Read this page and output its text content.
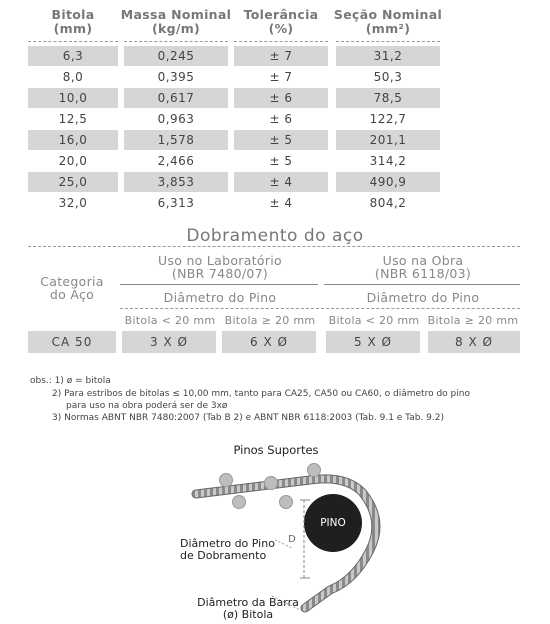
Bitola
(mm)
Massa Nominal
(kg/m)
Tolerância
(%)
Seção Nominal
(mm²)
6,3	0,245	± 7	31,2
8,0	0,395	± 7	50,3
10,0	0,617	± 6	78,5
12,5	0,963	± 6	122,7
16,0	1,578	± 5	201,1
20,0	2,466	± 5	314,2
25,0	3,853	± 4	490,9
32,0	6,313	± 4	804,2
Dobramento do aço
Categoria
do Aço
Uso no Laboratório
(NBR 7480/07)
Uso na Obra
(NBR 6118/03)
Diâmetro do Pino	Diâmetro do Pino
Bitola < 20 mm Bitola ≥ 20 mm	Bitola < 20 mm Bitola ≥ 20 mm
CA 50	3 X Ø	6 X Ø	5 X Ø	8 X Ø
obs.: 1) ø = bitola
2) Para estribos de bitolas ≤ 10,00 mm, tanto para CA25, CA50 ou CA60, o diâmetro do pino
para uso na obra poderá ser de 3xø
3) Normas ABNT NBR 7480:2007 (Tab B 2) e ABNT NBR 6118:2003 (Tab. 9.1 e Tab. 9.2)
Pinos Suportes
PINO
D
Diâmetro do Pino
de Dobramento
Diâmetro da Barra
(ø) Bitola
